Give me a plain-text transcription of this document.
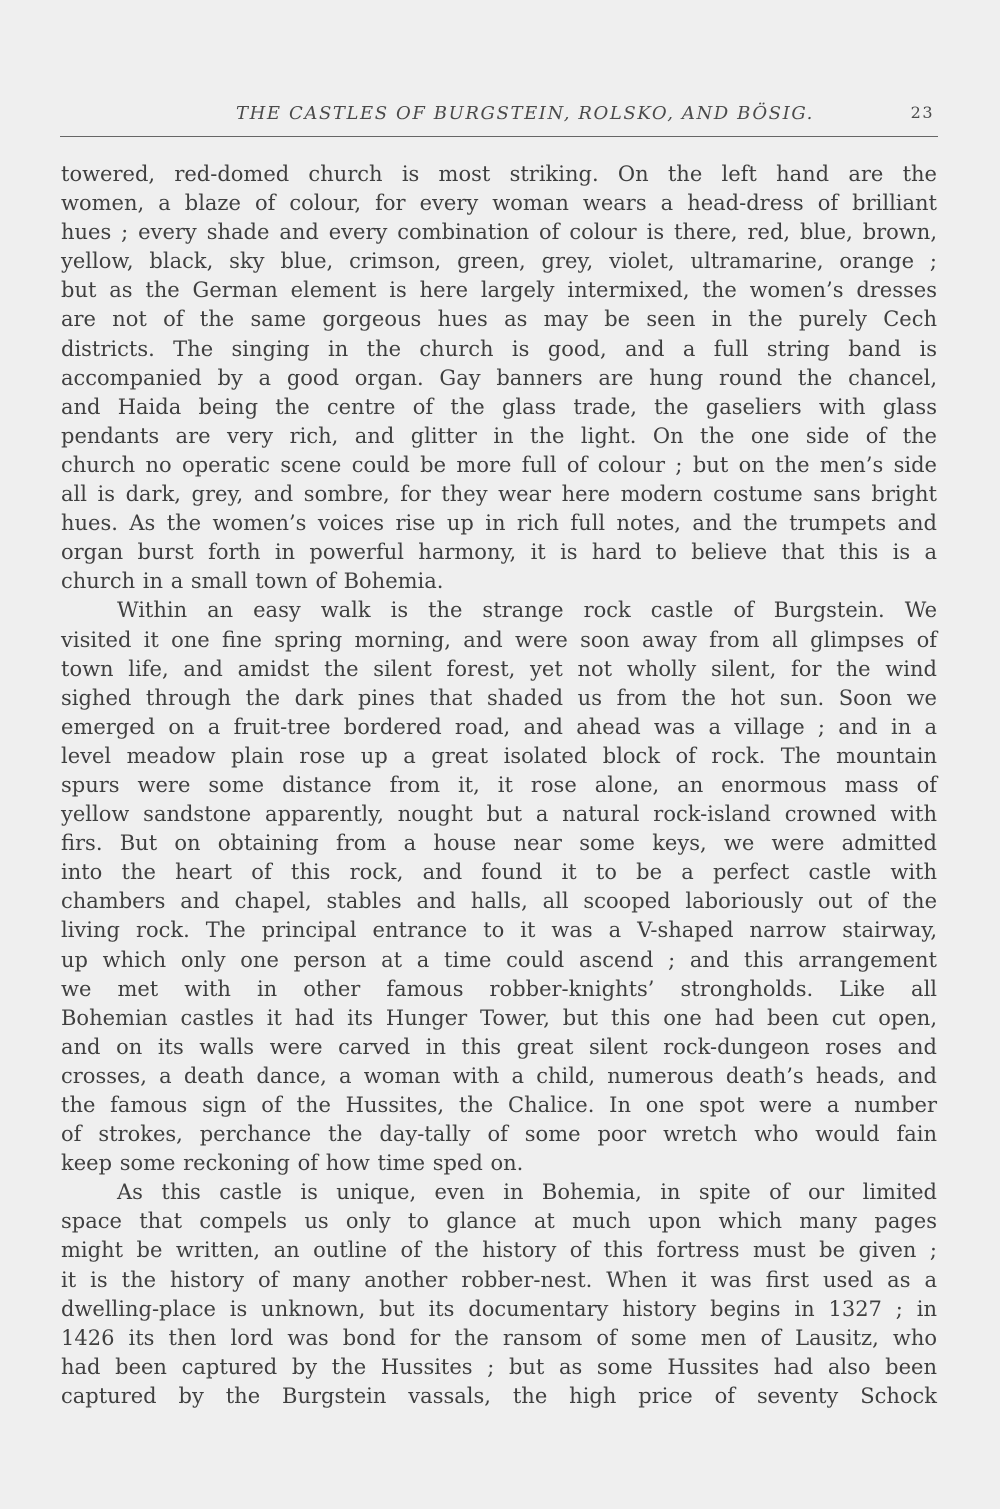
THE CASTLES OF BURGSTEIN, ROLSKO, AND BÖSIG.	23
towered, red-domed church is most striking. On the left hand are the
women, a blaze of colour, for every woman wears a head-dress of brilliant
hues ; every shade and every combination of colour is there, red, blue, brown,
yellow, black, sky blue, crimson, green, grey, violet, ultramarine, orange ;
but as the German element is here largely intermixed, the women’s dresses
are not of the same gorgeous hues as may be seen in the purely Cech
districts. The singing in the church is good, and a full string band is
accompanied by a good organ. Gay banners are hung round the chancel,
and Haida being the centre of the glass trade, the gaseliers with glass
pendants are very rich, and glitter in the light. On the one side of the
church no operatic scene could be more full of colour ; but on the men’s side
all is dark, grey, and sombre, for they wear here modern costume sans bright
hues. As the women’s voices rise up in rich full notes, and the trumpets and
organ burst forth in powerful harmony, it is hard to believe that this is a
church in a small town of Bohemia.
Within an easy walk is the strange rock castle of Burgstein. We
visited it one fine spring morning, and were soon away from all glimpses of
town life, and amidst the silent forest, yet not wholly silent, for the wind
sighed through the dark pines that shaded us from the hot sun. Soon we
emerged on a fruit-tree bordered road, and ahead was a village ; and in a
level meadow plain rose up a great isolated block of rock. The mountain
spurs were some distance from it, it rose alone, an enormous mass of
yellow sandstone apparently, nought but a natural rock-island crowned with
firs. But on obtaining from a house near some keys, we were admitted
into the heart of this rock, and found it to be a perfect castle with
chambers and chapel, stables and halls, all scooped laboriously out of the
living rock. The principal entrance to it was a V-shaped narrow stairway,
up which only one person at a time could ascend ; and this arrangement
we met with in other famous robber-knights’ strongholds. Like all
Bohemian castles it had its Hunger Tower, but this one had been cut open,
and on its walls were carved in this great silent rock-dungeon roses and
crosses, a death dance, a woman with a child, numerous death’s heads, and
the famous sign of the Hussites, the Chalice. In one spot were a number
of strokes, perchance the day-tally of some poor wretch who would fain
keep some reckoning of how time sped on.
As this castle is unique, even in Bohemia, in spite of our limited
space that compels us only to glance at much upon which many pages
might be written, an outline of the history of this fortress must be given ;
it is the history of many another robber-nest. When it was first used as a
dwelling-place is unknown, but its documentary history begins in 1327 ; in
1426 its then lord was bond for the ransom of some men of Lausitz, who
had been captured by the Hussites ; but as some Hussites had also been
captured by the Burgstein vassals, the high price of seventy Schock
